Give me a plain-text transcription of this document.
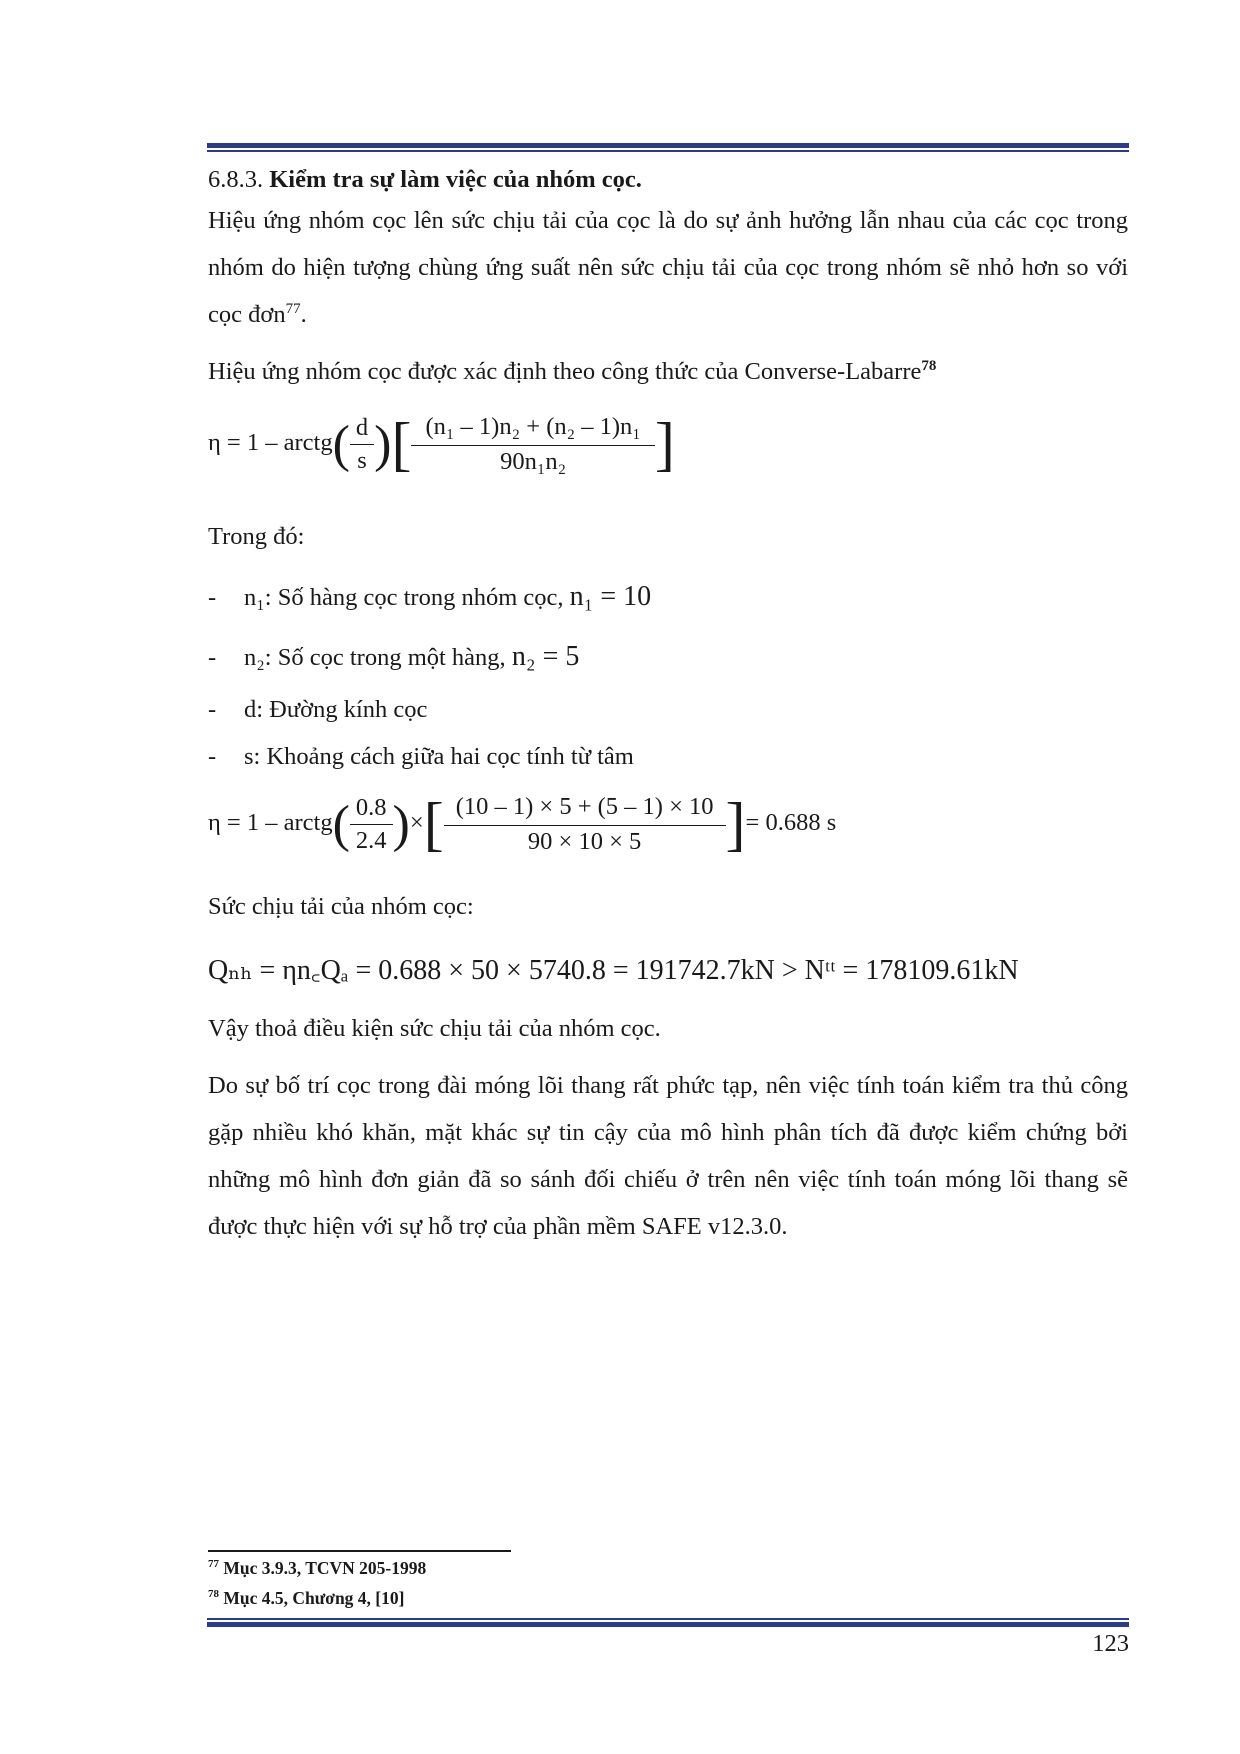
6.8.3. Kiểm tra sự làm việc của nhóm cọc.

Hiệu ứng nhóm cọc lên sức chịu tải của cọc là do sự ảnh hưởng lẫn nhau của các cọc trong nhóm do hiện tượng chùng ứng suất nên sức chịu tải của cọc trong nhóm sẽ nhỏ hơn so với cọc đơn$^{77}$.

Hiệu ứng nhóm cọc được xác định theo công thức của Converse-Labarre$^{78}$
η = 1 – arctg( $\frac{d}{s}$ )[ $\frac{\text{(n₁ – 1)n₂ + (n₂ – 1)n₁}}{\text{90n₁n₂}}$ ]
Trong đó:
- n₁: Số hàng cọc trong nhóm cọc, n₁ = 10
- n₂: Số cọc trong một hàng, n₂ = 5
- d: Đường kính cọc
- s: Khoảng cách giữa hai cọc tính từ tâm
η = 1 – arctg( $\frac{0.8}{2.4}$ )×[ $\frac{(10 - 1) \times 5 + (5 - 1) \times 10}{90 \times 10 \times 5}$ ]= 0.688 s
Sức chịu tải của nhóm cọc:
Qₙₕ = ηn꜀Qₐ = 0.688 × 50 × 5740.8 = 191742.7kN > Nᵗᵗ = 178109.61kN
Vậy thoả điều kiện sức chịu tải của nhóm cọc.

Do sự bố trí cọc trong đài móng lõi thang rất phức tạp, nên việc tính toán kiểm tra thủ công gặp nhiều khó khăn, mặt khác sự tin cậy của mô hình phân tích đã được kiểm chứng bởi những mô hình đơn giản đã so sánh đối chiếu ở trên nên việc tính toán móng lõi thang sẽ được thực hiện với sự hỗ trợ của phần mềm SAFE v12.3.0.

$^{77}$ Mục 3.9.3, TCVN 205-1998
$^{78}$ Mục 4.5, Chương 4, [10]
123
